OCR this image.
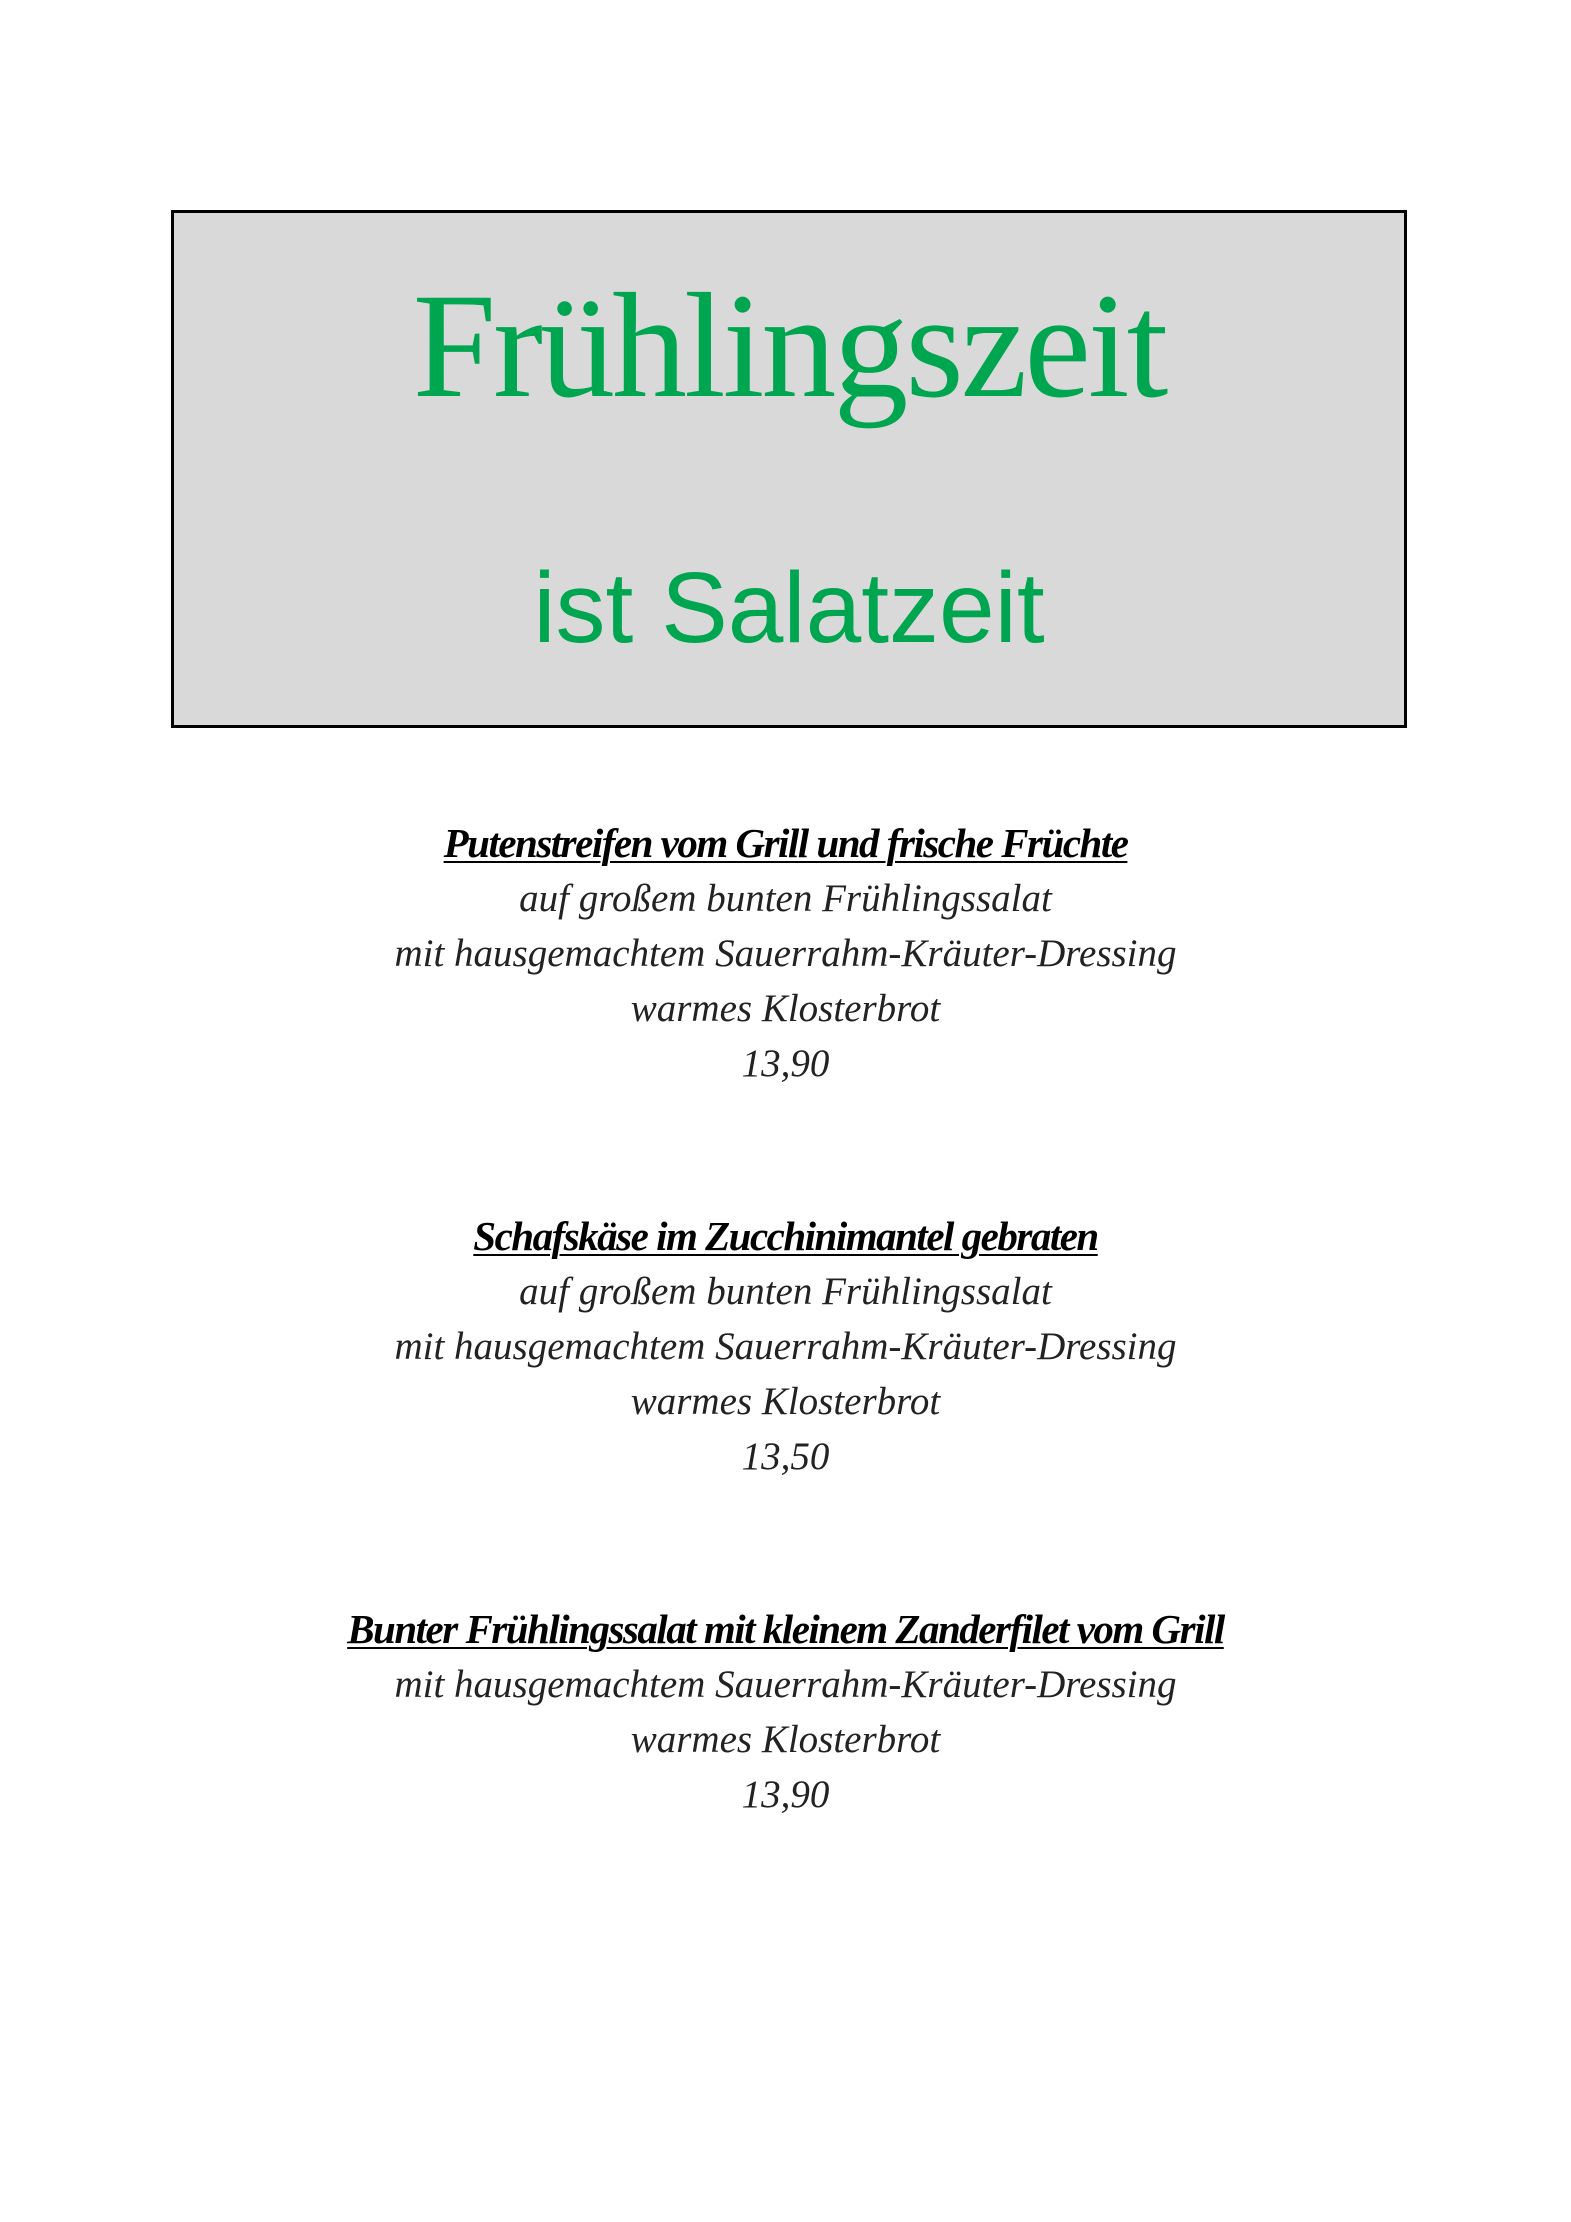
Frühlingszeit
ist Salatzeit

Putenstreifen vom Grill und frische Früchte

auf großem bunten Frühlingssalat

mit hausgemachtem Sauerrahm-Kräuter-Dressing

warmes Klosterbrot

13,90

Schafskäse im Zucchinimantel gebraten

auf großem bunten Frühlingssalat

mit hausgemachtem Sauerrahm-Kräuter-Dressing

warmes Klosterbrot

13,50

Bunter Frühlingssalat mit kleinem Zanderfilet vom Grill

mit hausgemachtem Sauerrahm-Kräuter-Dressing

warmes Klosterbrot

13,90
